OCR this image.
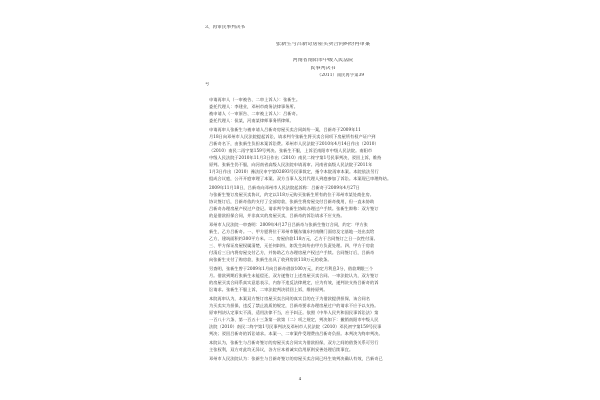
3、再审民事判决书
张新生与吕新奇房屋买卖合同纠纷再审案
河南省南阳市中级人民法院
民事判决书
（2011）南民再字第39
号
申请再审人（一审被告、二审上诉人）：张新生。
委托代理人：李建业，邓州市商务法律事务所。
被申请人（一审原告、二审被上诉人）：吕新奇。
委托代理人：侯某，河南某律师事务所律师。
申请再审人张新生与被申请人吕新奇房屋买卖合同纠纷一案，吕新奇于2009年11
月18日向邓州市人民法院提起诉讼，请求判令张新生将买卖合同项下房屋所有权产证户到
吕新奇名下，由张新生负担本案诉讼费。邓州市人民法院于2010年4月14日作出（2010）
（2010）南民二再字第159号判决。张新生不服，上诉至南阳市中级人民法院。南阳市
中级人民法院于2010年11月3日作出（2010）南民二终字第1号民事判决，驳回上诉，维持
原判。张新生仍不服，向河南省高级人民法院申请再审。河南省高级人民法院于2011年
1月3日作出（2010）豫法民申字第02693号民事裁定，指令本院再审本案。本院依法另行
组成合议庭，公开开庭审理了本案。双方当事人及其代理人到庭参加了诉讼。本案现已审理终结。
2009年11月18日，吕新奇向邓州市人民法院起诉称：吕新奇于2009年4月27日
与张新生签订房屋买卖协议，约定以118万元购买张新生所有的位于邓州市某处商住房。
协议签订后，吕新奇依约支付了全部房款，张新生将房屋交付吕新奇使用，但一直未协助
吕新奇办理房屋产权过户登记。请求判令张新生协助办理过户手续。张新生辩称：双方签订
的是借款担保合同，并非真实的房屋买卖，吕新奇的诉讼请求不应支持。
邓州市人民法院一审查明：2009年4月27日吕新奇与张新生签订合同，约定：甲方张
新生，乙方吕新奇。一、甲方愿将位于邓州市穰东镇东村南侧门面房及宅基地一处出卖给
乙方，建筑面积约300平方米。二、房屋价款118万元，乙方于合同签订之日一次性付清。
三、甲方保证房屋权属清楚，无任何纠纷，如发生纠纷由甲方负责处理。四、甲方于房款
付清后三日内将房屋交付乙方，并协助乙方办理房屋产权过户手续。合同签订后，吕新奇
向张新生支付了购房款，张新生出具了收到房款118万元的收条。
另查明，张新生曾于2009年1月向吕新奇借款100万元，约定月利息3分，借款期限三个
月。借款到期后张新生未能偿还，双方遂签订上述房屋买卖合同。一审法院认为，双方签订
的房屋买卖合同系真实意思表示，内容不违反法律规定，应为有效，遂判决支持吕新奇的诉
讼请求。张新生不服上诉，二审法院判决驳回上诉，维持原判。
本院再审认为，本案双方签订房屋买卖合同的真实目的在于为借款提供担保，该合同名
为买卖实为担保，违反了禁止流质的规定，吕新奇要求办理房屋过户的请求不应予以支持。
原审判决认定事实不清，适用法律不当，应予纠正。依照《中华人民共和国民事诉讼法》第
一百八十六条、第一百五十三条第一款第（二）项之规定，判决如下：撤销南阳市中级人民
法院（2010）南民二终字第1号民事判决及邓州市人民法院（2010）邓民初字第159号民事
判决；驳回吕新奇的诉讼请求。本案一、二审案件受理费由吕新奇负担。本判决为终审判决。
本院认为，张新生与吕新奇签订的房屋买卖合同实为借款担保，双方之间的借贷关系可另行
主张权利，双方对此均无异议，各方应本着诚实信用原则妥善处理后续事宜。
邓州市人民法院认为：张新生与吕新奇签订的房屋买卖合同已经生效判决确认有效，吕新奇已
4
